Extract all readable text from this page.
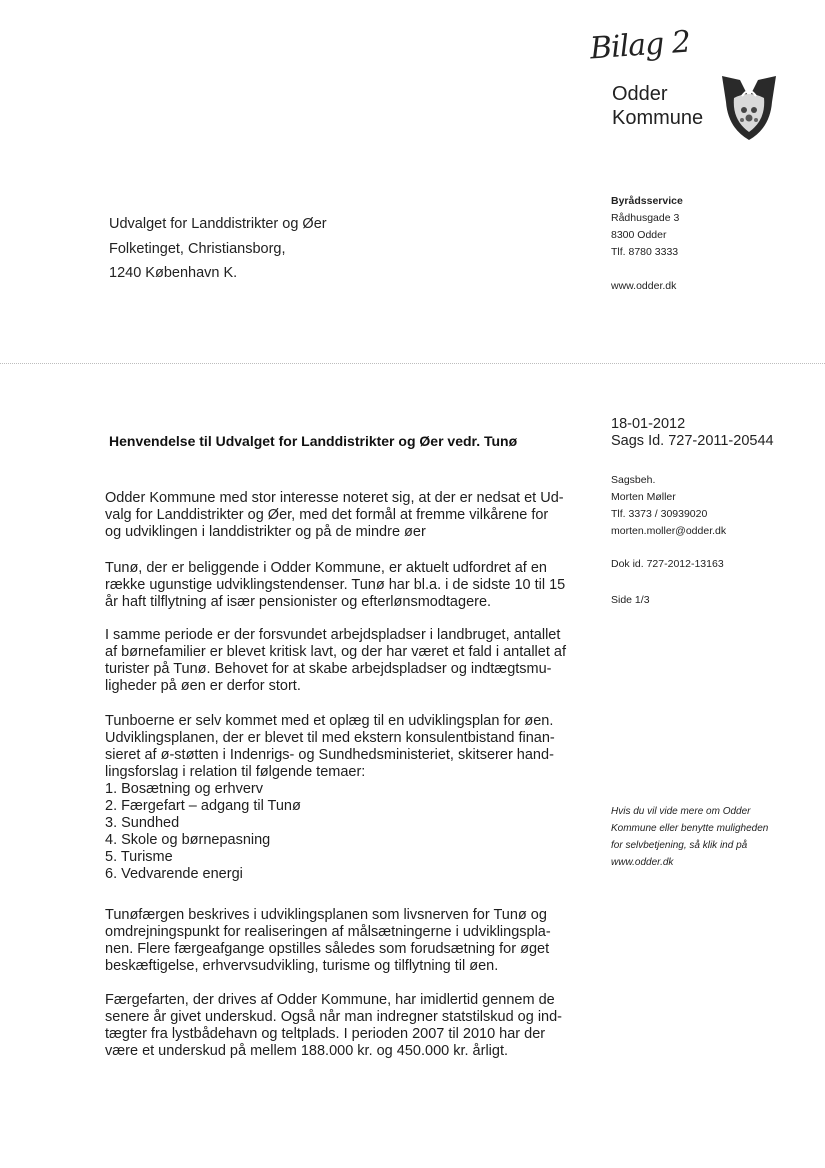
Bilag 2
Odder
Kommune
Byrådsservice
Rådhusgade 3
8300 Odder
Tlf. 8780 3333
www.odder.dk
Udvalget for Landdistrikter og Øer
Folketinget, Christiansborg,
1240 København K.
18-01-2012
Sags Id. 727-2011-20544
Henvendelse til Udvalget for Landdistrikter og Øer vedr. Tunø
Sagsbeh.
Morten Møller
Tlf. 3373 / 30939020
morten.moller@odder.dk
Dok id. 727-2012-13163
Side 1/3

Hvis du vil vide mere om Odder
Kommune eller benytte muligheden
for selvbetjening, så klik ind på
www.odder.dk

Odder Kommune med stor interesse noteret sig, at der er nedsat et Ud-
valg for Landdistrikter og Øer, med det formål at fremme vilkårene for
og udviklingen i landdistrikter og på de mindre øer

Tunø, der er beliggende i Odder Kommune, er aktuelt udfordret af en
række ugunstige udviklingstendenser. Tunø har bl.a. i de sidste 10 til 15
år haft tilflytning af især pensionister og efterlønsmodtagere.

I samme periode er der forsvundet arbejdspladser i landbruget, antallet
af børnefamilier er blevet kritisk lavt, og der har været et fald i antallet af
turister på Tunø. Behovet for at skabe arbejdspladser og indtægtsmu-
ligheder på øen er derfor stort.

Tunboerne er selv kommet med et oplæg til en udviklingsplan for øen.
Udviklingsplanen, der er blevet til med ekstern konsulentbistand finan-
sieret af ø-støtten i Indenrigs- og Sundhedsministeriet, skitserer hand-
lingsforslag i relation til følgende temaer:

1. Bosætning og erhverv
2. Færgefart – adgang til Tunø
3. Sundhed
4. Skole og børnepasning
5. Turisme
6. Vedvarende energi

Tunøfærgen beskrives i udviklingsplanen som livsnerven for Tunø og
omdrejningspunkt for realiseringen af målsætningerne i udviklingspla-
nen. Flere færgeafgange opstilles således som forudsætning for øget
beskæftigelse, erhvervsudvikling, turisme og tilflytning til øen.

Færgefarten, der drives af Odder Kommune, har imidlertid gennem de
senere år givet underskud. Også når man indregner statstilskud og ind-
tægter fra lystbådehavn og teltplads. I perioden 2007 til 2010 har der
være et underskud på mellem 188.000 kr. og 450.000 kr. årligt.
